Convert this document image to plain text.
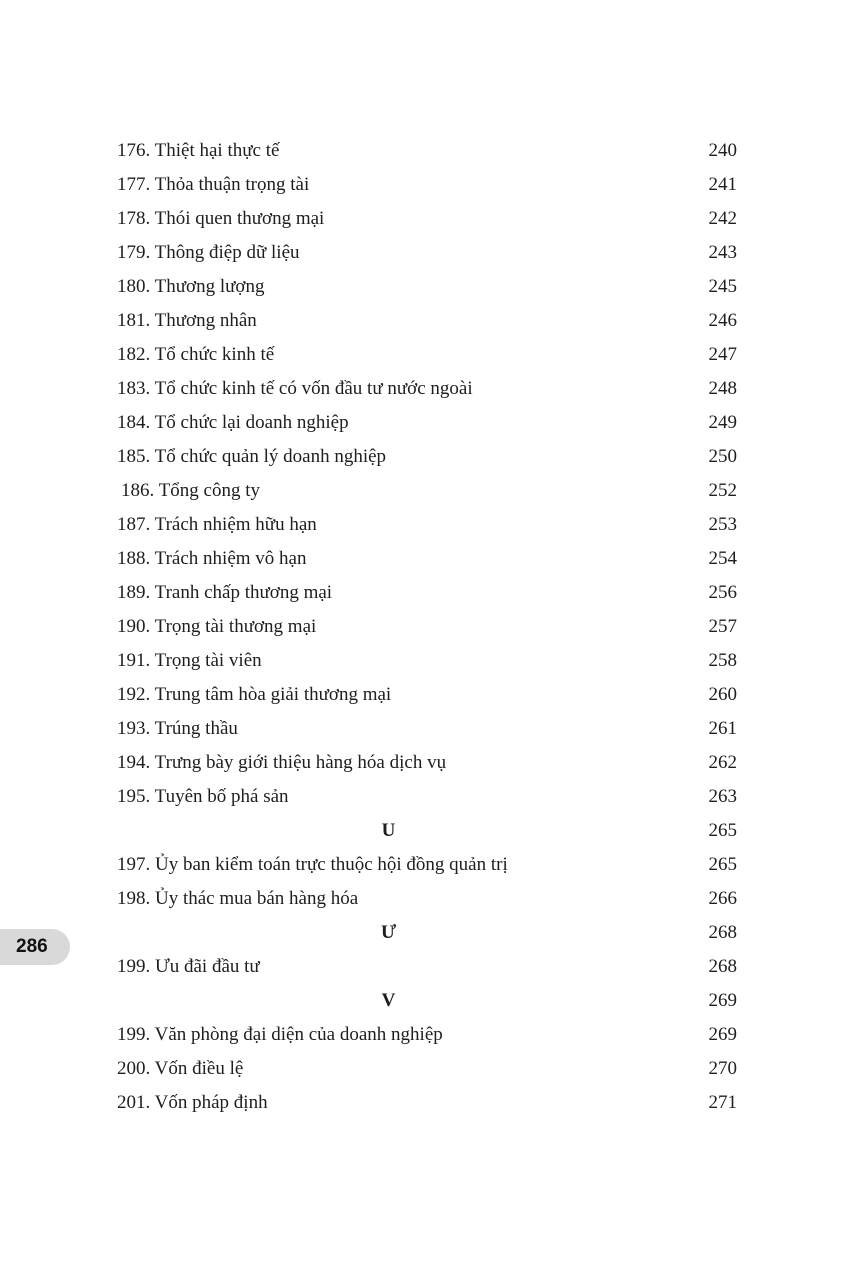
176. Thiệt hại thực tế	240
177. Thỏa thuận trọng tài	241
178. Thói quen thương mại	242
179. Thông điệp dữ liệu	243
180. Thương lượng	245
181. Thương nhân	246
182. Tổ chức kinh tế	247
183. Tổ chức kinh tế có vốn đầu tư nước ngoài	248
184. Tổ chức lại doanh nghiệp	249
185. Tổ chức quản lý doanh nghiệp	250
186. Tổng công ty	252
187. Trách nhiệm hữu hạn	253
188. Trách nhiệm vô hạn	254
189. Tranh chấp thương mại	256
190. Trọng tài thương mại	257
191. Trọng tài viên	258
192. Trung tâm hòa giải thương mại	260
193. Trúng thầu	261
194. Trưng bày giới thiệu hàng hóa dịch vụ	262
195. Tuyên bố phá sản	263
U	265
197. Ủy ban kiểm toán trực thuộc hội đồng quản trị	265
198. Ủy thác mua bán hàng hóa	266
Ư	268
199. Ưu đãi đầu tư	268
V	269
199. Văn phòng đại diện của doanh nghiệp	269
200. Vốn điều lệ	270
201. Vốn pháp định	271
286
